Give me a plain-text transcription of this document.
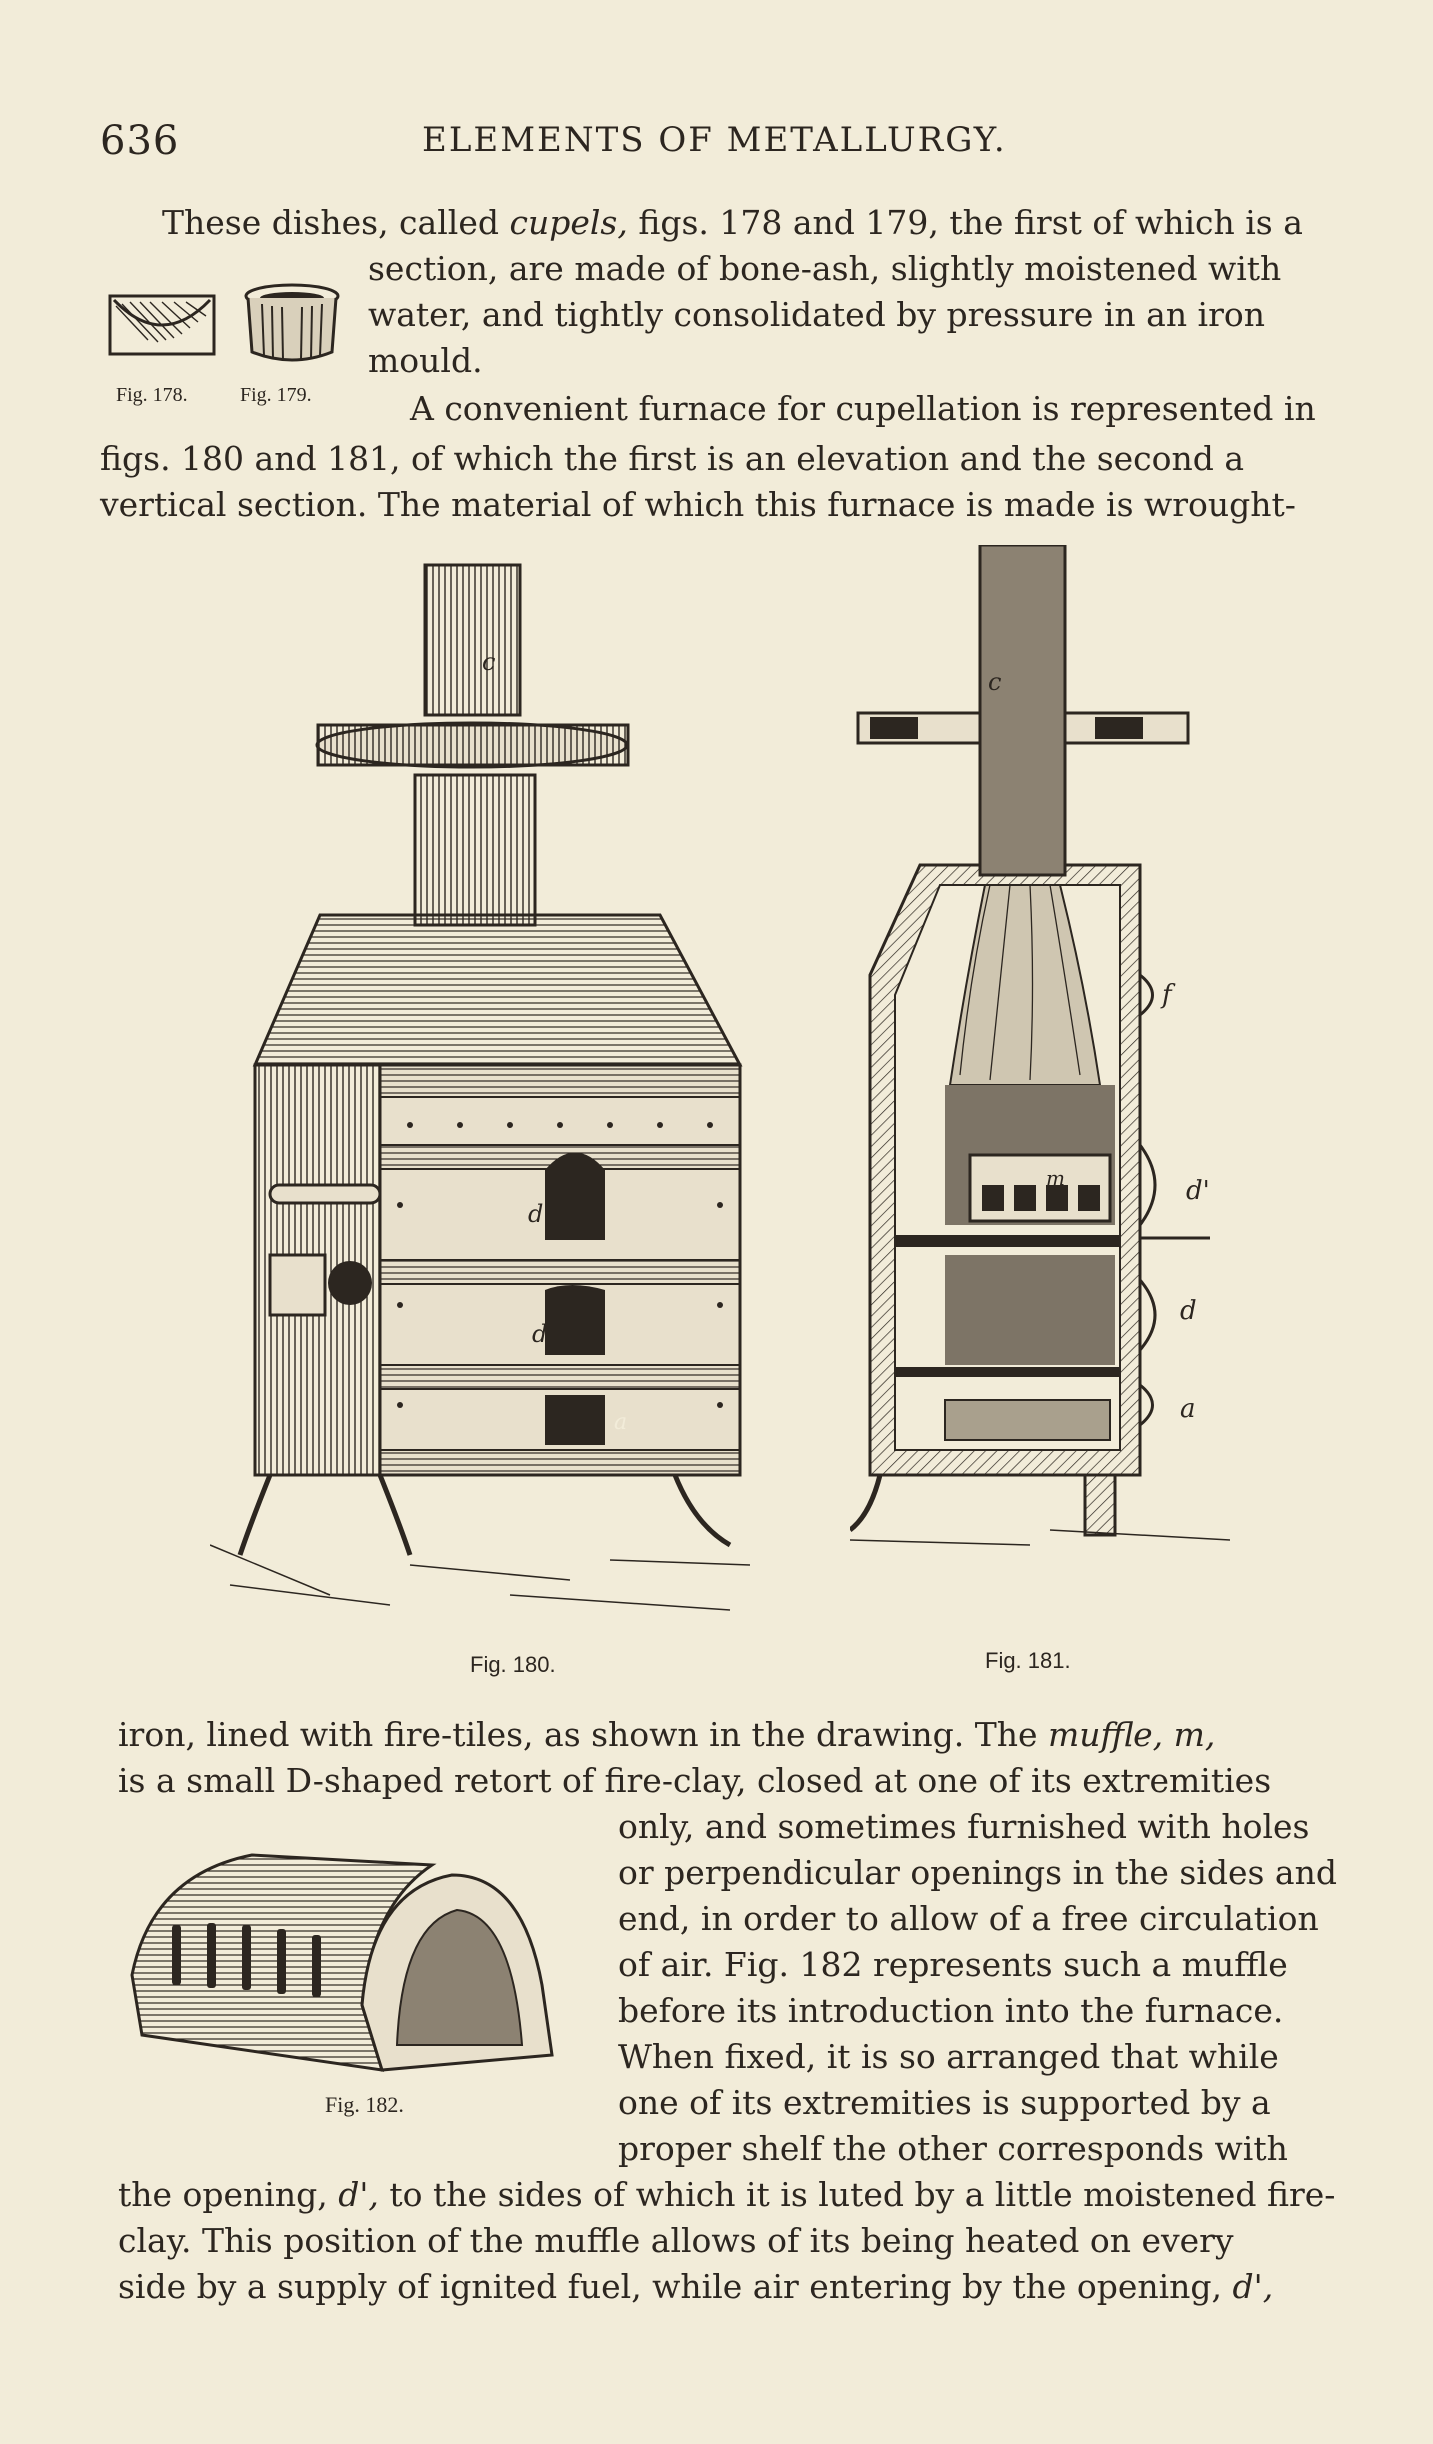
636	ELEMENTS OF METALLURGY.
These dishes, called cupels, figs. 178 and 179, the first of which is a
section, are made of bone-ash, slightly moistened with
water, and tightly consolidated by pressure in an iron
mould.
Fig. 178.	Fig. 179.	A convenient furnace for cupellation is represented in
figs. 180 and 181, of which the first is an elevation and the second a
vertical section. The material of which this furnace is made is wrought-
c
d
d
a
Fig. 180.
c
f
d'
d
a
m
Fig. 181.
iron, lined with fire-tiles, as shown in the drawing. The muffle, m,
is a small D-shaped retort of fire-clay, closed at one of its extremities
only, and sometimes furnished with holes
or perpendicular openings in the sides and
end, in order to allow of a free circulation
of air. Fig. 182 represents such a muffle
before its introduction into the furnace.
When fixed, it is so arranged that while
one of its extremities is supported by a
proper shelf the other corresponds with
the opening, d', to the sides of which it is luted by a little moistened fire-
clay. This position of the muffle allows of its being heated on every
side by a supply of ignited fuel, while air entering by the opening, d',
Fig. 182.
